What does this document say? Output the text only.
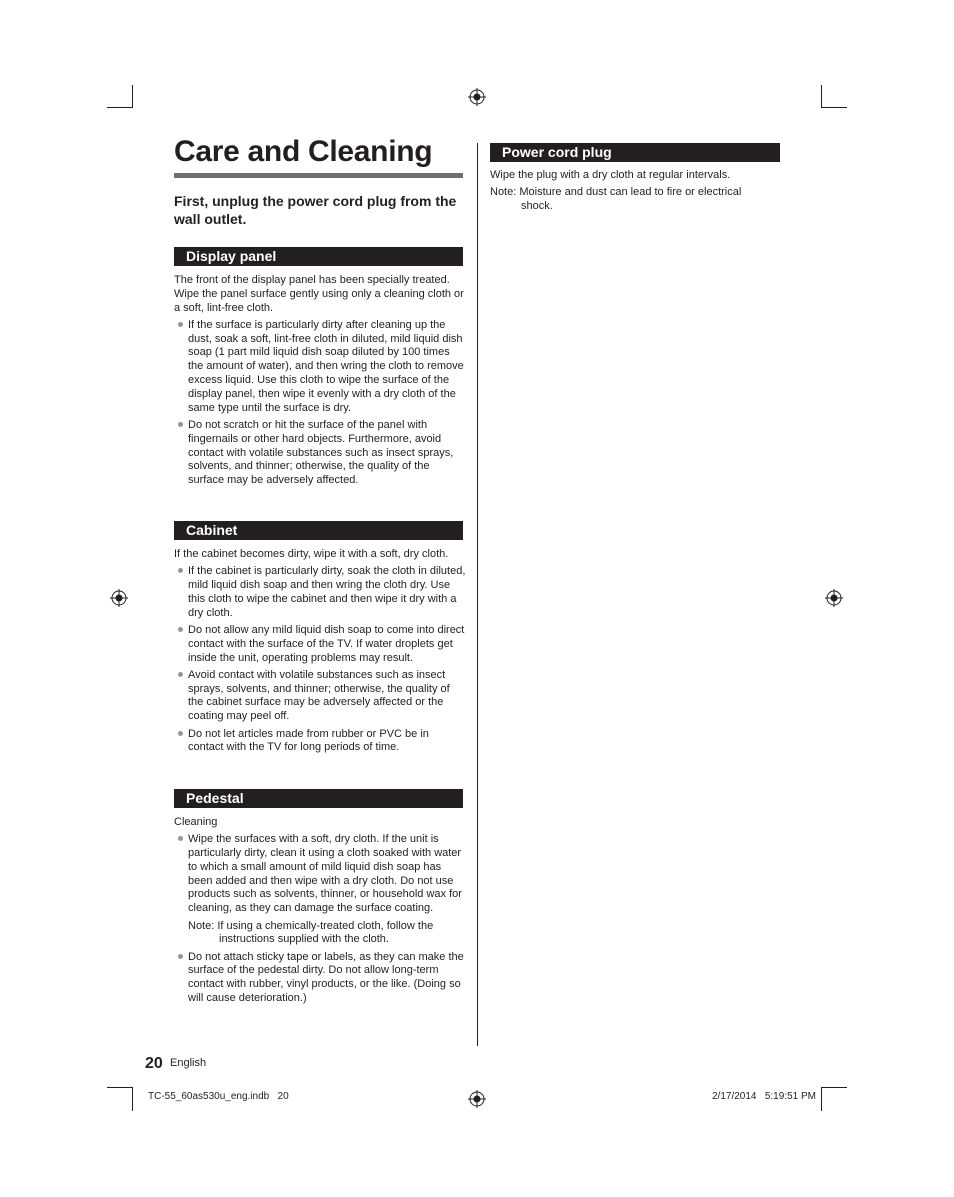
Care and Cleaning
First, unplug the power cord plug from the wall outlet.
Display panel

The front of the display panel has been specially treated. Wipe the panel surface gently using only a cleaning cloth or a soft, lint-free cloth.

If the surface is particularly dirty after cleaning up the dust, soak a soft, lint-free cloth in diluted, mild liquid dish soap (1 part mild liquid dish soap diluted by 100 times the amount of water), and then wring the cloth to remove excess liquid. Use this cloth to wipe the surface of the display panel, then wipe it evenly with a dry cloth of the same type until the surface is dry.
Do not scratch or hit the surface of the panel with fingernails or other hard objects. Furthermore, avoid contact with volatile substances such as insect sprays, solvents, and thinner; otherwise, the quality of the surface may be adversely affected.
Cabinet

If the cabinet becomes dirty, wipe it with a soft, dry cloth.

If the cabinet is particularly dirty, soak the cloth in diluted, mild liquid dish soap and then wring the cloth dry. Use this cloth to wipe the cabinet and then wipe it dry with a dry cloth.
Do not allow any mild liquid dish soap to come into direct contact with the surface of the TV. If water droplets get inside the unit, operating problems may result.
Avoid contact with volatile substances such as insect sprays, solvents, and thinner; otherwise, the quality of the cabinet surface may be adversely affected or the coating may peel off.
Do not let articles made from rubber or PVC be in contact with the TV for long periods of time.
Pedestal

Cleaning

Wipe the surfaces with a soft, dry cloth. If the unit is particularly dirty, clean it using a cloth soaked with water to which a small amount of mild liquid dish soap has been added and then wipe with a dry cloth. Do not use products such as solvents, thinner, or household wax for cleaning, as they can damage the surface coating.
Note: If using a chemically-treated cloth, follow the
instructions supplied with the cloth.
Do not attach sticky tape or labels, as they can make the surface of the pedestal dirty. Do not allow long-term contact with rubber, vinyl products, or the like. (Doing so will cause deterioration.)
Power cord plug

Wipe the plug with a dry cloth at regular intervals.

Note: Moisture and dust can lead to fire or electrical
shock.
20 English
TC-55_60as530u_eng.indb   20	2/17/2014   5:19:51 PM
